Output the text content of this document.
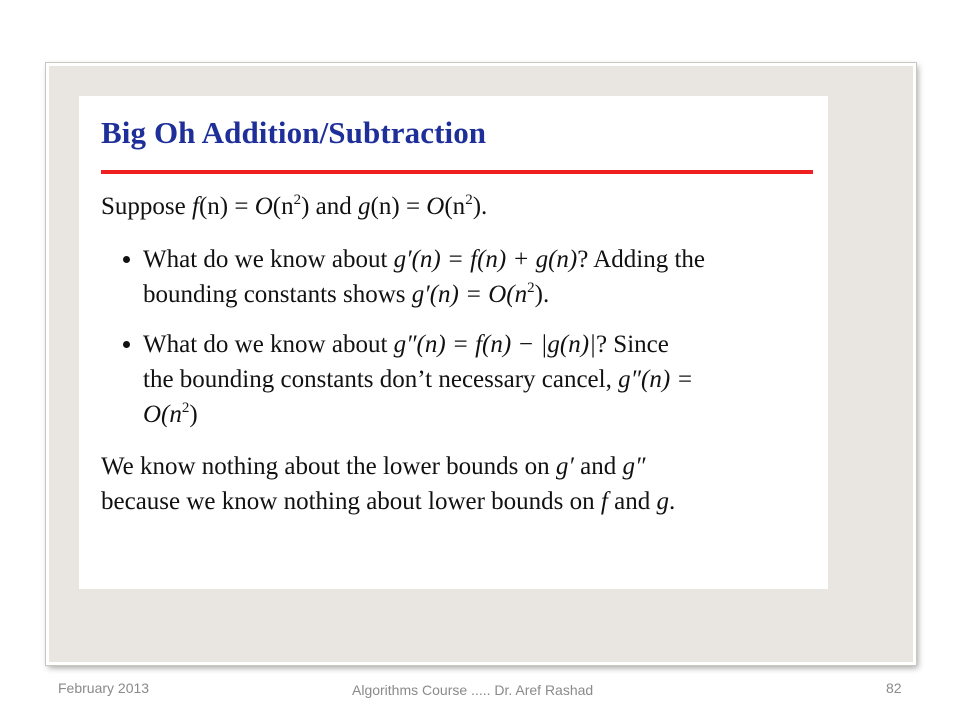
Big Oh Addition/Subtraction
Suppose $f(n) = O(n^2)$ and $g(n) = O(n^2)$.
What do we know about g′(n) = f(n) + g(n)? Adding the
bounding constants shows $g'(n) = O(n^2)$.
What do we know about g″(n) = f(n) − |g(n)|? Since
the bounding constants don’t necessary cancel, g″(n) =
$O(n^2)$
We know nothing about the lower bounds on g′ and g″
because we know nothing about lower bounds on f and g.
February 2013	Algorithms Course ..... Dr. Aref Rashad	82
